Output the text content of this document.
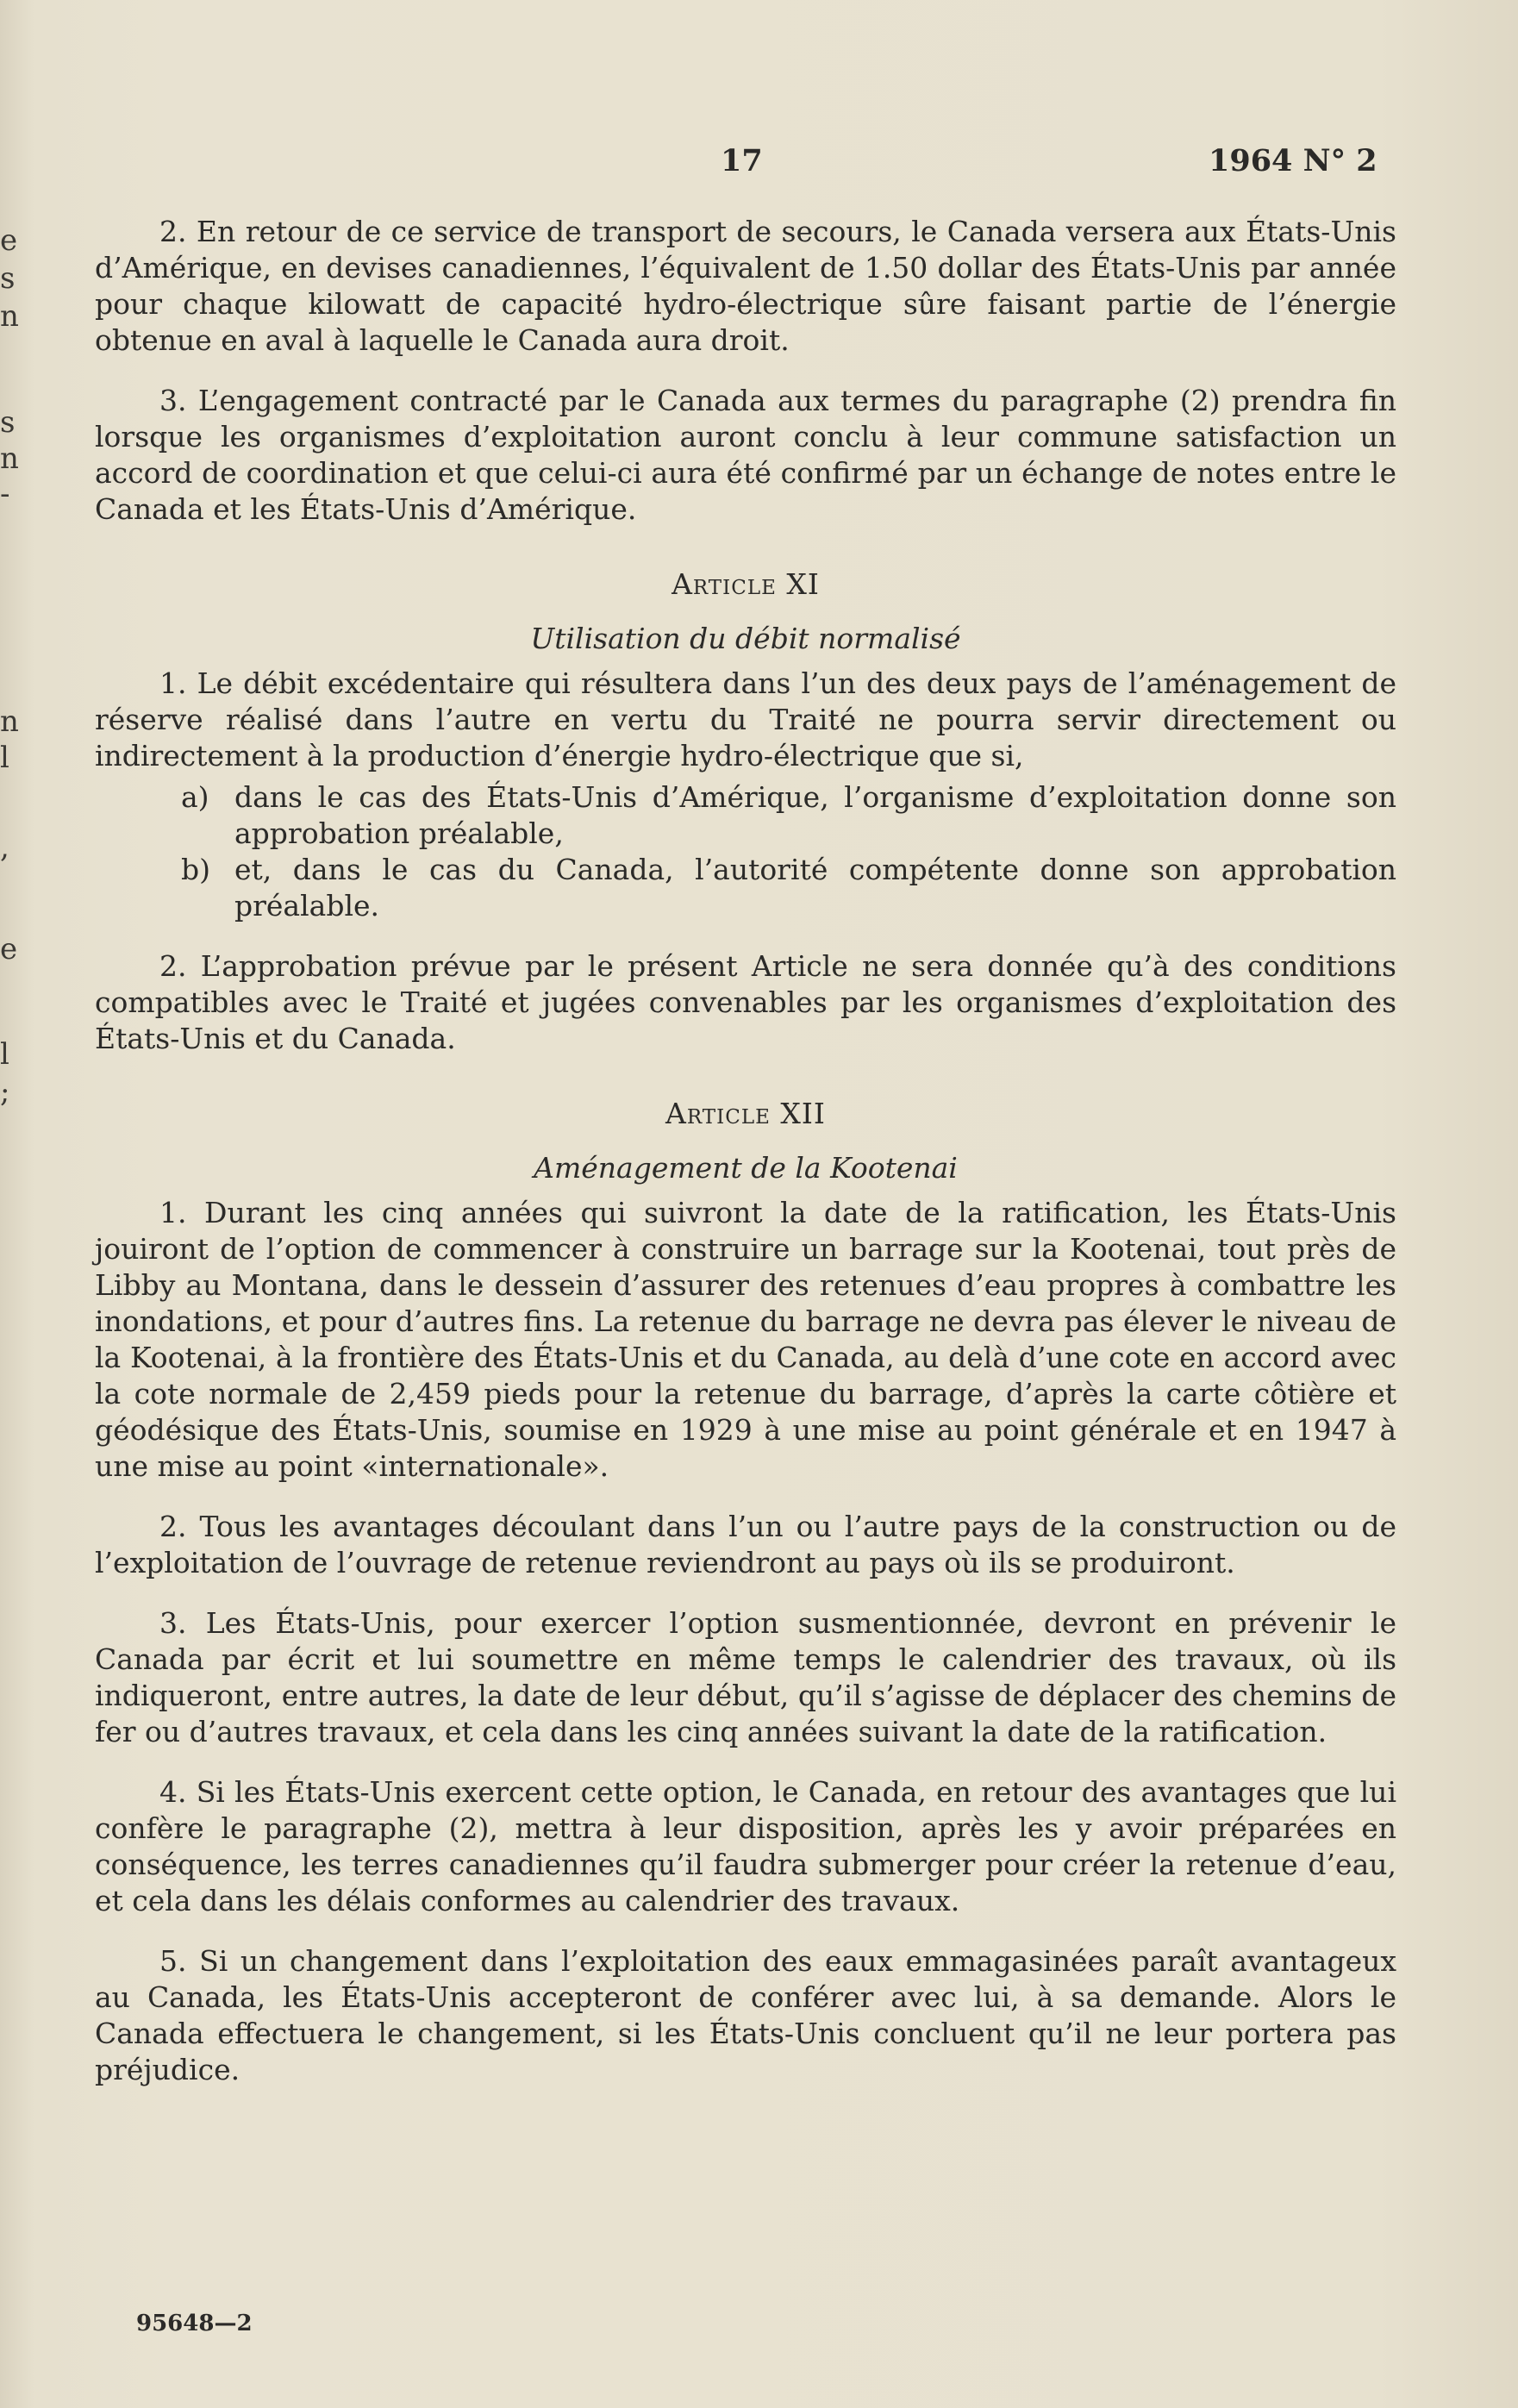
e
s
n
s
n
-
n
l
,
e
l
;
17	1964 N° 2

2. En retour de ce service de transport de secours, le Canada versera aux États-Unis d’Amérique, en devises canadiennes, l’équivalent de 1.50 dollar des États-Unis par année pour chaque kilowatt de capacité hydro-électrique sûre faisant partie de l’énergie obtenue en aval à laquelle le Canada aura droit.

3. L’engagement contracté par le Canada aux termes du paragraphe (2) prendra fin lorsque les organismes d’exploitation auront conclu à leur commune satisfaction un accord de coordination et que celui-ci aura été confirmé par un échange de notes entre le Canada et les États-Unis d’Amérique.

Article XI
Utilisation du débit normalisé

1. Le débit excédentaire qui résultera dans l’un des deux pays de l’aménagement de réserve réalisé dans l’autre en vertu du Traité ne pourra servir directement ou indirectement à la production d’énergie hydro-électrique que si,

a) dans le cas des États-Unis d’Amérique, l’organisme d’exploitation donne son approbation préalable,

b) et, dans le cas du Canada, l’autorité compétente donne son approbation préalable.

2. L’approbation prévue par le présent Article ne sera donnée qu’à des conditions compatibles avec le Traité et jugées convenables par les organismes d’exploitation des États-Unis et du Canada.

Article XII
Aménagement de la Kootenai

1. Durant les cinq années qui suivront la date de la ratification, les États-Unis jouiront de l’option de commencer à construire un barrage sur la Kootenai, tout près de Libby au Montana, dans le dessein d’assurer des retenues d’eau propres à combattre les inondations, et pour d’autres fins. La retenue du barrage ne devra pas élever le niveau de la Kootenai, à la frontière des États-Unis et du Canada, au delà d’une cote en accord avec la cote normale de 2,459 pieds pour la retenue du barrage, d’après la carte côtière et géodésique des États-Unis, soumise en 1929 à une mise au point générale et en 1947 à une mise au point «internationale».

2. Tous les avantages découlant dans l’un ou l’autre pays de la construction ou de l’exploitation de l’ouvrage de retenue reviendront au pays où ils se produiront.

3. Les États-Unis, pour exercer l’option susmentionnée, devront en prévenir le Canada par écrit et lui soumettre en même temps le calendrier des travaux, où ils indiqueront, entre autres, la date de leur début, qu’il s’agisse de déplacer des chemins de fer ou d’autres travaux, et cela dans les cinq années suivant la date de la ratification.

4. Si les États-Unis exercent cette option, le Canada, en retour des avantages que lui confère le paragraphe (2), mettra à leur disposition, après les y avoir préparées en conséquence, les terres canadiennes qu’il faudra submerger pour créer la retenue d’eau, et cela dans les délais conformes au calendrier des travaux.

5. Si un changement dans l’exploitation des eaux emmagasinées paraît avantageux au Canada, les États-Unis accepteront de conférer avec lui, à sa demande. Alors le Canada effectuera le changement, si les États-Unis concluent qu’il ne leur portera pas préjudice.

95648—2
